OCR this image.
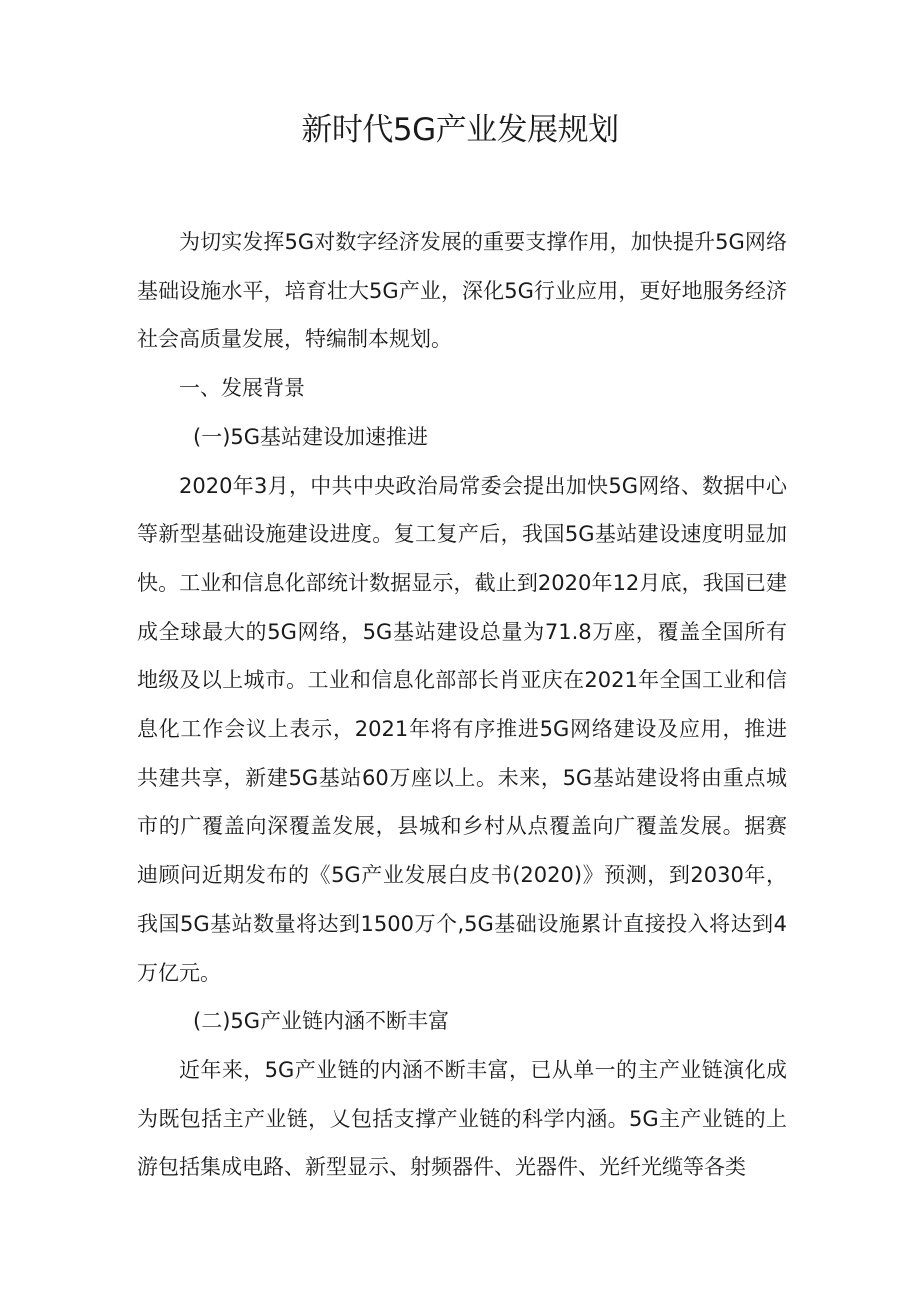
新时代5G产业发展规划

为切实发挥5G对数字经济发展的重要支撑作用，加快提升5G网络基础设施水平，培育壮大5G产业，深化5G行业应用，更好地服务经济社会高质量发展，特编制本规划。

一、发展背景

(一)5G基站建设加速推进

2020年3月，中共中央政治局常委会提出加快5G网络、数据中心等新型基础设施建设进度。复工复产后，我国5G基站建设速度明显加快。工业和信息化部统计数据显示，截止到2020年12月底，我国已建成全球最大的5G网络，5G基站建设总量为71.8万座，覆盖全国所有地级及以上城市。工业和信息化部部长肖亚庆在2021年全国工业和信息化工作会议上表示，2021年将有序推进5G网络建设及应用，推进共建共享，新建5G基站60万座以上。未来，5G基站建设将由重点城市的广覆盖向深覆盖发展，县城和乡村从点覆盖向广覆盖发展。据赛迪顾问近期发布的《5G产业发展白皮书(2020)》预测，到2030年，我国5G基站数量将达到1500万个,5G基础设施累计直接投入将达到4万亿元。

(二)5G产业链内涵不断丰富

近年来，5G产业链的内涵不断丰富，已从单一的主产业链演化成为既包括主产业链，乂包括支撑产业链的科学内涵。5G主产业链的上游包括集成电路、新型显示、射频器件、光器件、光纤光缆等各类
